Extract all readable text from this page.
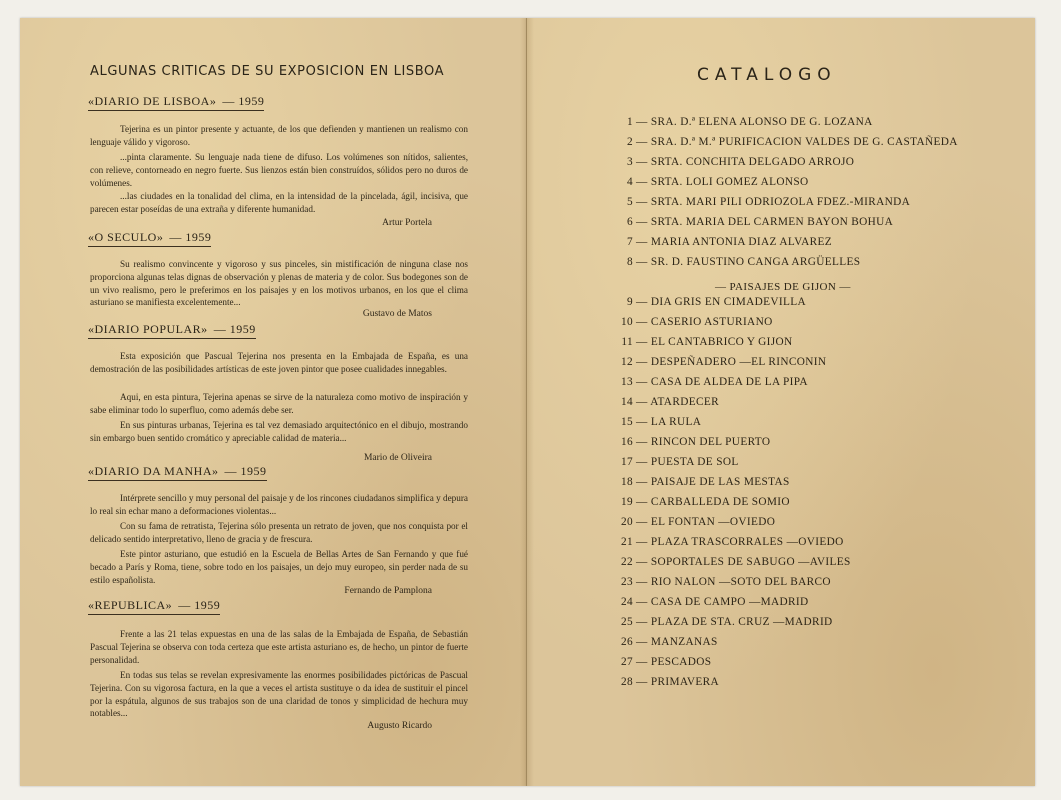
ALGUNAS CRITICAS DE SU EXPOSICION EN LISBOA
«DIARIO DE LISBOA» — 1959

Tejerina es un pintor presente y actuante, de los que defienden y mantienen un realismo con lenguaje válido y vigoroso.

...pinta claramente. Su lenguaje nada tiene de difuso. Los volúmenes son nítidos, salientes, con relieve, contorneado en negro fuerte. Sus lienzos están bien construídos, sólidos pero no duros de volúmenes.

...las ciudades en la tonalidad del clima, en la intensidad de la pincelada, ágil, incisiva, que parecen estar poseídas de una extraña y diferente humanidad.

Artur Portela
«O SECULO» — 1959

Su realismo convincente y vigoroso y sus pinceles, sin mistificación de ninguna clase nos proporciona algunas telas dignas de observación y plenas de materia y de color. Sus bodegones son de un vivo realismo, pero le preferimos en los paisajes y en los motivos urbanos, en los que el clima asturiano se manifiesta excelentemente...

Gustavo de Matos
«DIARIO POPULAR» — 1959

Esta exposición que Pascual Tejerina nos presenta en la Embajada de España, es una demostración de las posibilidades artísticas de este joven pintor que posee cualidades innegables.

Aqui, en esta pintura, Tejerina apenas se sirve de la naturaleza como motivo de inspiración y sabe eliminar todo lo superfluo, como además debe ser.

En sus pinturas urbanas, Tejerina es tal vez demasiado arquitectónico en el dibujo, mostrando sin embargo buen sentido cromático y apreciable calidad de materia...

Mario de Oliveira
«DIARIO DA MANHA» — 1959

Intérprete sencillo y muy personal del paisaje y de los rincones ciudadanos simplifica y depura lo real sin echar mano a deformaciones violentas...

Con su fama de retratista, Tejerina sólo presenta un retrato de joven, que nos conquista por el delicado sentido interpretativo, lleno de gracia y de frescura.

Este pintor asturiano, que estudió en la Escuela de Bellas Artes de San Fernando y que fué becado a París y Roma, tiene, sobre todo en los paisajes, un dejo muy europeo, sin perder nada de su estilo españolista.

Fernando de Pamplona
«REPUBLICA» — 1959

Frente a las 21 telas expuestas en una de las salas de la Embajada de España, de Sebastián Pascual Tejerina se observa con toda certeza que este artista asturiano es, de hecho, un pintor de fuerte personalidad.

En todas sus telas se revelan expresivamente las enormes posibilidades pictóricas de Pascual Tejerina. Con su vigorosa factura, en la que a veces el artista sustituye o da idea de sustituir el pincel por la espátula, algunos de sus trabajos son de una claridad de tonos y simplicidad de hechura muy notables...

Augusto Ricardo
CATALOGO
1 — SRA. D.ª ELENA ALONSO DE G. LOZANA
2 — SRA. D.ª M.ª PURIFICACION VALDES DE G. CASTAÑEDA
3 — SRTA. CONCHITA DELGADO ARROJO
4 — SRTA. LOLI GOMEZ ALONSO
5 — SRTA. MARI PILI ODRIOZOLA FDEZ.-MIRANDA
6 — SRTA. MARIA DEL CARMEN BAYON BOHUA
7 — MARIA ANTONIA DIAZ ALVAREZ
8 — SR. D. FAUSTINO CANGA ARGÜELLES
9 — DIA GRIS EN CIMADEVILLA
10 — CASERIO ASTURIANO
11 — EL CANTABRICO Y GIJON
12 — DESPEÑADERO —EL RINCONIN
13 — CASA DE ALDEA DE LA PIPA
14 — ATARDECER
15 — LA RULA
16 — RINCON DEL PUERTO
17 — PUESTA DE SOL
18 — PAISAJE DE LAS MESTAS
19 — CARBALLEDA DE SOMIO
20 — EL FONTAN —OVIEDO
21 — PLAZA TRASCORRALES —OVIEDO
22 — SOPORTALES DE SABUGO —AVILES
23 — RIO NALON —SOTO DEL BARCO
24 — CASA DE CAMPO —MADRID
25 — PLAZA DE STA. CRUZ —MADRID
26 — MANZANAS
27 — PESCADOS
28 — PRIMAVERA
— PAISAJES DE GIJON —
